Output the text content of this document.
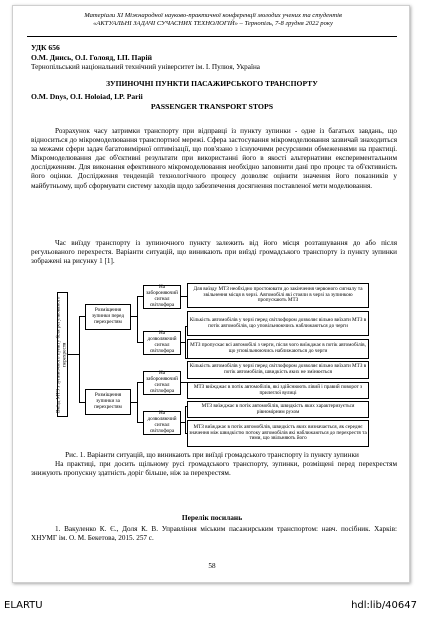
Матеріали XI Міжнародної науково-практичної конференції молодих учених та студентів
«АКТУАЛЬНІ ЗАДАЧІ СУЧАСНИХ ТЕХНОЛОГІЙ» – Тернопіль, 7-8 грудня 2022 року
УДК 656
О.М. Днись, О.І. Голояд, І.П. Парій
Тернопільський національний технічний університет ім. І. Пулюя, Україна
ЗУПИНОЧНІ ПУНКТИ ПАСАЖИРСЬКОГО ТРАНСПОРТУ
O.M. Dnys, O.I. Holoiad, I.P. Parii
PASSENGER TRANSPORT STOPS

Розрахунок часу затримки транспорту при відправці із пункту зупинки - одне із багатьох завдань, що відноситься до мікромоделювання транспортної мережі. Сфера застосування мікромоделювання зазвичай знаходиться за межами сфери задач багатовимірної оптимізації, що пов'язано з існуючими ресурсними обмеженнями на практиці. Мікромоделювання дає об'єктивні результати при використанні його в якості альтернативи експериментальним дослідженням. Для виконання ефективного мікромоделювання необхідно заповнити дані про процес та об'єктивність його оцінки. Дослідження тенденцій технологічного процесу дозволяє оцінити значення його показників у майбутньому, щоб сформувати систему заходів щодо забезпечення досягнення поставленої мети моделювання.

Час виїзду транспорту із зупиночного пункту залежить від його місця розташування до або після регульованого перехрестя. Варіанти ситуацій, що виникають при виїзді громадського транспорту із пункту зупинки зображені на рисунку 1 [1].

Виїзд МТЗ з зупиночного пункту біля регульованого перехрестя
Розміщення зупинки перед перехрестям
Розміщення зупинки за перехрестям
На забороняючий сигнал світлофора
На дозволяючий сигнал світлофора
На забороняючий сигнал світлофора
На дозволяючий сигнал світлофора
Для виїзду МТЗ необхідно простоювати до закінчення червоного сигналу та звільнення місця в черзі. Автомобілі які стояли в черзі за зупинкою пропускають МТЗ
Кількість автомобілів у черзі перед світлофором дозволяє вільно виїхати МТЗ в потік автомобілів, що уповільнюючись наближаються до черги
МТЗ пропускає всі автомобілі з черги, після чого виїжджає в потік автомобілів, що уповільнюючись наближаються до черги
Кількість автомобілів у черзі перед світлофором дозволяє вільно виїхати МТЗ в потік автомобілів, швидкість яких не змінюється
МТЗ виїжджає в потік автомобілів, які здійснюють лівий і правий поворот з прилеглої вулиці
МТЗ виїжджає в потік автомобілів, швидкість яких характеризується рівномірним рухом
МТЗ виїжджає в потік автомобілів, швидкість яких визначається, як середнє значення між швидкістю потоку автомобілів які наближаються до перехрестя та тими, що звільняють його
Рис. 1. Варіанти ситуацій, що виникають при виїзді громадського транспорту із пункту зупинки

На практиці, при досить щільному русі громадського транспорту, зупинки, розміщені перед перехрестям знижують пропускну здатність доріг більше, ніж за перехрестям.

Перелік посилань
1. Вакуленко К. Є., Доля К. В. Управління міським пасажирським транспортом: навч. посібник. Харків: ХНУМГ ім. О. М. Бекетова, 2015. 257 с.
58
ELARTU	hdl:lib/40647
